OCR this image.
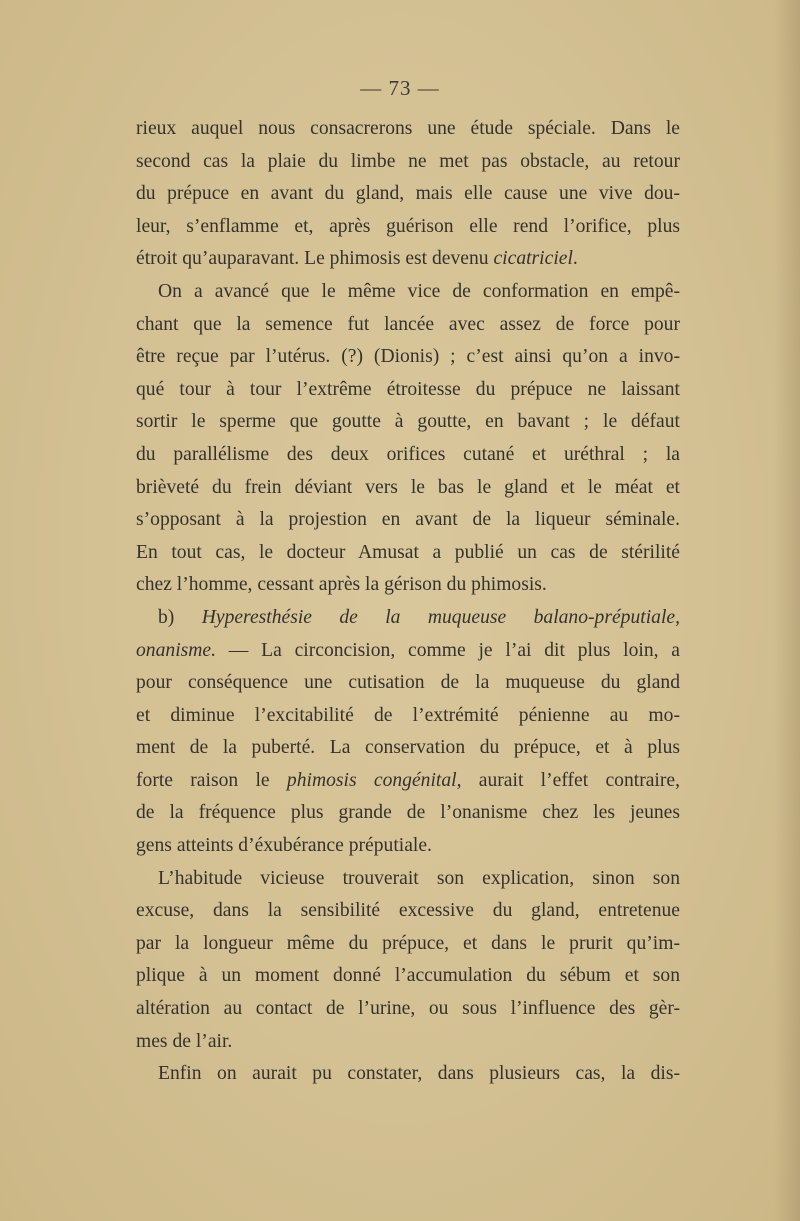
— 73 —
rieux auquel nous consacrerons une étude spéciale. Dans le
second cas la plaie du limbe ne met pas obstacle, au retour
du prépuce en avant du gland, mais elle cause une vive dou-
leur, s’enflamme et, après guérison elle rend l’orifice, plus
étroit qu’auparavant. Le phimosis est devenu cicatriciel.
On a avancé que le même vice de conformation en empê-
chant que la semence fut lancée avec assez de force pour
être reçue par l’utérus. (?) (Dionis) ; c’est ainsi qu’on a invo-
qué tour à tour l’extrême étroitesse du prépuce ne laissant
sortir le sperme que goutte à goutte, en bavant ; le défaut
du parallélisme des deux orifices cutané et uréthral ; la
brièveté du frein déviant vers le bas le gland et le méat et
s’opposant à la projestion en avant de la liqueur séminale.
En tout cas, le docteur Amusat a publié un cas de stérilité
chez l’homme, cessant après la gérison du phimosis.
b) Hyperesthésie de la muqueuse balano-préputiale,
onanisme. — La circoncision, comme je l’ai dit plus loin, a
pour conséquence une cutisation de la muqueuse du gland
et diminue l’excitabilité de l’extrémité pénienne au mo-
ment de la puberté. La conservation du prépuce, et à plus
forte raison le phimosis congénital, aurait l’effet contraire,
de la fréquence plus grande de l’onanisme chez les jeunes
gens atteints d’éxubérance préputiale.
L’habitude vicieuse trouverait son explication, sinon son
excuse, dans la sensibilité excessive du gland, entretenue
par la longueur même du prépuce, et dans le prurit qu’im-
plique à un moment donné l’accumulation du sébum et son
altération au contact de l’urine, ou sous l’influence des gèr-
mes de l’air.
Enfin on aurait pu constater, dans plusieurs cas, la dis-
